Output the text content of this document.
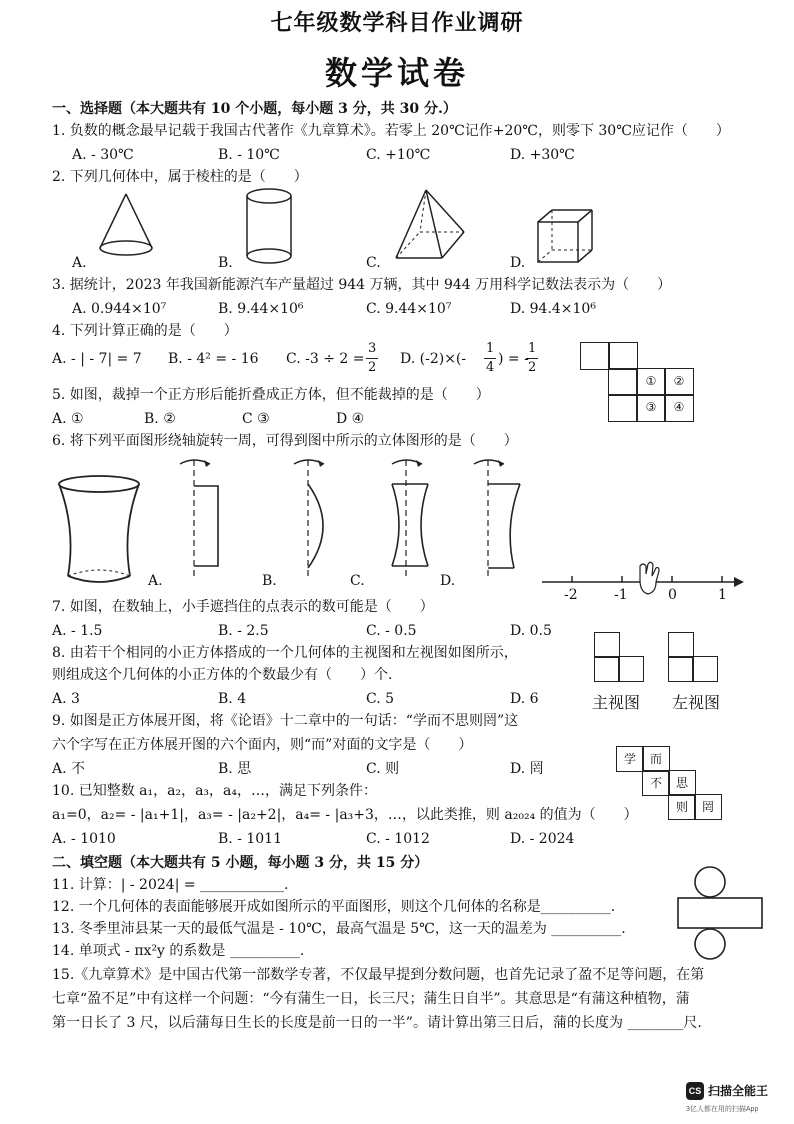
七年级数学科目作业调研
数学试卷
一、选择题（本大题共有 10 个小题，每小题 3 分，共 30 分.）
1. 负数的概念最早记载于我国古代著作《九章算术》。若零上 20℃记作+20℃，则零下 30℃应记作（　　）
A. - 30℃	B. - 10℃	C. +10℃	D. +30℃
2. 下列几何体中，属于棱柱的是（　　）
A.	B.	C.	D.
3. 据统计，2023 年我国新能源汽车产量超过 944 万辆，其中 944 万用科学记数法表示为（　　）
A. 0.944×10⁷	B. 9.44×10⁶	C. 9.44×10⁷	D. 94.4×10⁶
4. 下列计算正确的是（　　）
A. - | - 7| = 7 B. - 4² = - 16 C. -3 ÷ 2 =
3
2
D. (-2)×(-
1
4
) = -
1
2
①	②
③	④
5. 如图，裁掉一个正方形后能折叠成正方体，但不能裁掉的是（　　）
A. ①	B. ②	C ③	D ④
6. 将下列平面图形绕轴旋转一周，可得到图中所示的立体图形的是（　　）
A.	B.	C.	D.
-2	-1	0	1
7. 如图，在数轴上，小手遮挡住的点表示的数可能是（　　）
A. - 1.5	B. - 2.5	C. - 0.5	D. 0.5
主视图 左视图
8. 由若干个相同的小正方体搭成的一个几何体的主视图和左视图如图所示，
则组成这个几何体的小正方体的个数最少有（　　）个.
A. 3	B. 4	C. 5	D. 6
9. 如图是正方体展开图，将《论语》十二章中的一句话：“学而不思则罔”这
六个字写在正方体展开图的六个面内，则“而”对面的文字是（　　）
A. 不	B. 思	C. 则	D. 罔
学	而
不	思
则	罔
10. 已知整数 a₁，a₂，a₃，a₄，…，满足下列条件：
a₁=0，a₂= - |a₁+1|，a₃= - |a₂+2|，a₄= - |a₃+3，…，以此类推，则 a₂₀₂₄ 的值为（　　）
A. - 1010	B. - 1011	C. - 1012	D. - 2024
二、填空题（本大题共有 5 小题，每小题 3 分，共 15 分）
11. 计算：| - 2024| = ____________.
12. 一个几何体的表面能够展开成如图所示的平面图形，则这个几何体的名称是__________.
13. 冬季里沛县某一天的最低气温是 - 10℃，最高气温是 5℃，这一天的温差为 __________.
14. 单项式 - πx²y 的系数是 __________.
15.《九章算术》是中国古代第一部数学专著，不仅最早提到分数问题，也首先记录了盈不足等问题，在第
七章“盈不足”中有这样一个问题：“今有蒲生一日，长三尺；蒲生日自半”。其意思是“有蒲这种植物，蒲
第一日长了 3 尺，以后蒲每日生长的长度是前一日的一半”。请计算出第三日后，蒲的长度为 ________尺.
CS 扫描全能王
3亿人都在用的扫描App
